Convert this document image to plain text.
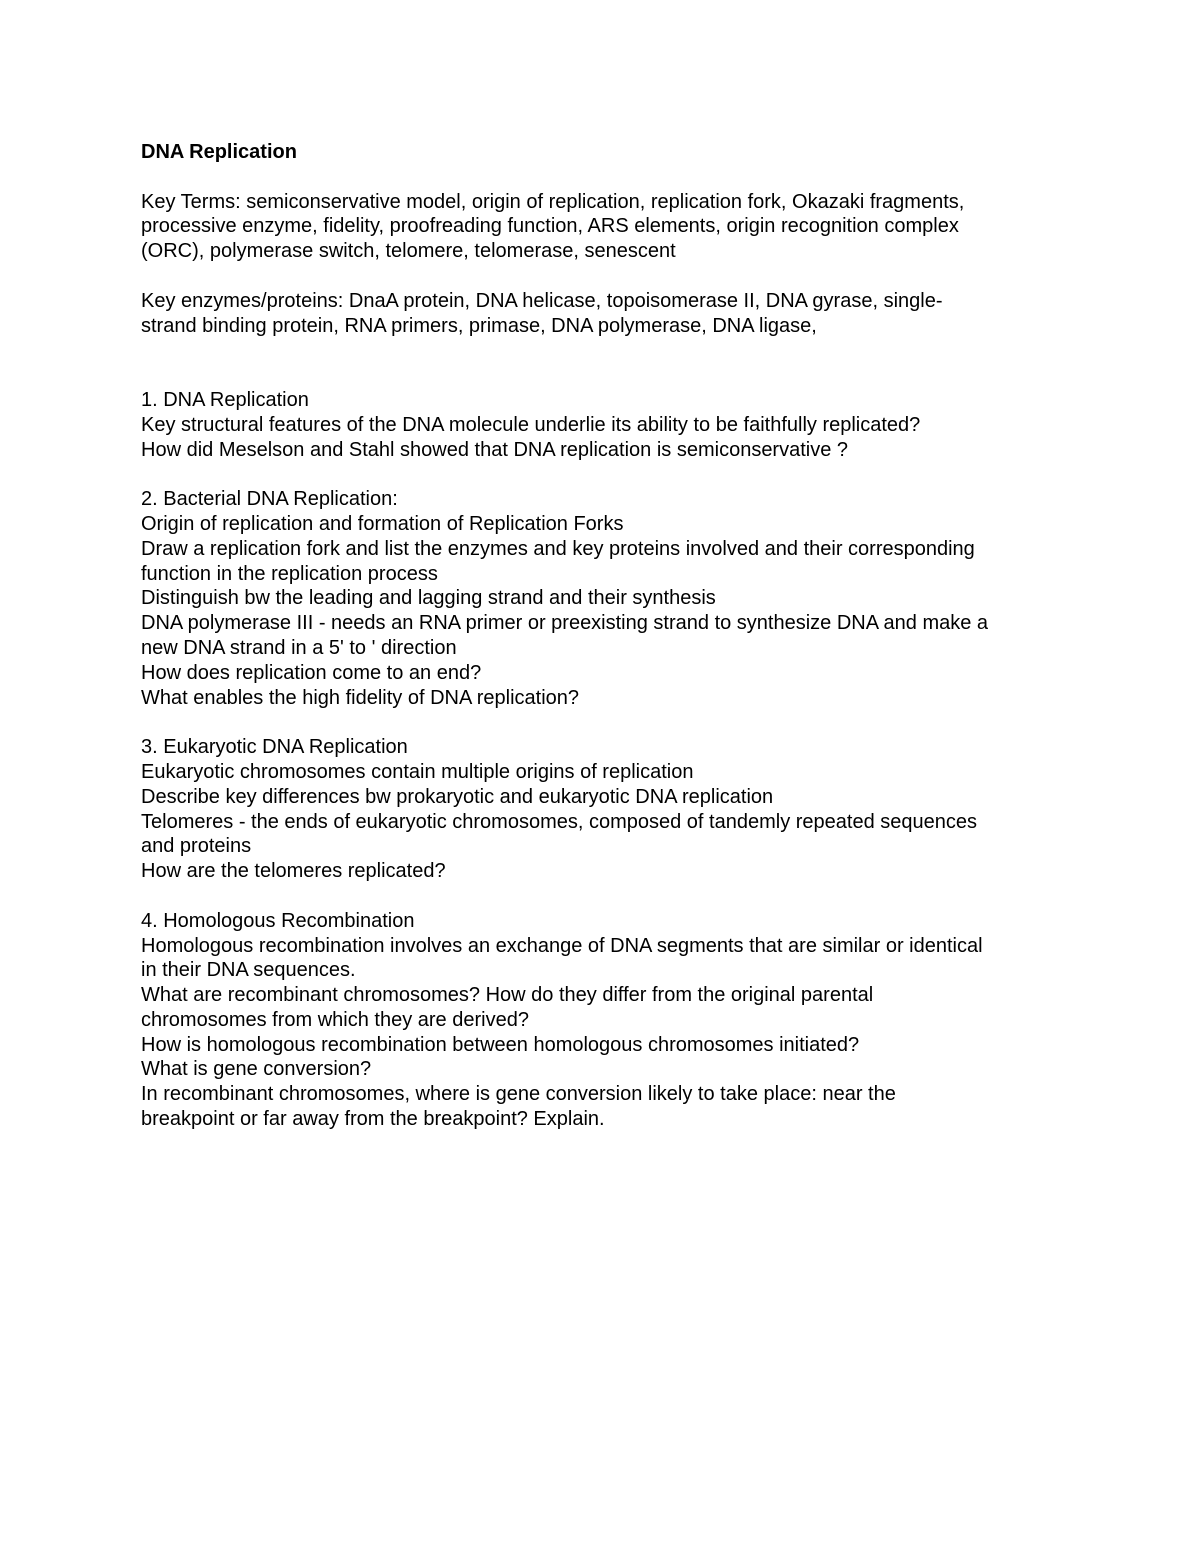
DNA Replication
Key Terms: semiconservative model, origin of replication, replication fork, Okazaki fragments,
processive enzyme, fidelity, proofreading function, ARS elements, origin recognition complex
(ORC), polymerase switch, telomere, telomerase, senescent
Key enzymes/proteins: DnaA protein, DNA helicase, topoisomerase II, DNA gyrase, single-
strand binding protein, RNA primers, primase, DNA polymerase, DNA ligase,
1. DNA Replication
Key structural features of the DNA molecule underlie its ability to be faithfully replicated?
How did Meselson and Stahl showed that DNA replication is semiconservative ?
2. Bacterial DNA Replication:
Origin of replication and formation of Replication Forks
Draw a replication fork and list the enzymes and key proteins involved and their corresponding
function in the replication process
Distinguish bw the leading and lagging strand and their synthesis
DNA polymerase III - needs an RNA primer or preexisting strand to synthesize DNA and make a
new DNA strand in a 5' to ' direction
How does replication come to an end?
What enables the high fidelity of DNA replication?
3. Eukaryotic DNA Replication
Eukaryotic chromosomes contain multiple origins of replication
Describe key differences bw prokaryotic and eukaryotic DNA replication
Telomeres - the ends of eukaryotic chromosomes, composed of tandemly repeated sequences
and proteins
How are the telomeres replicated?
4. Homologous Recombination
Homologous recombination involves an exchange of DNA segments that are similar or identical
in their DNA sequences.
What are recombinant chromosomes? How do they differ from the original parental
chromosomes from which they are derived?
How is homologous recombination between homologous chromosomes initiated?
What is gene conversion?
In recombinant chromosomes, where is gene conversion likely to take place: near the
breakpoint or far away from the breakpoint? Explain.
